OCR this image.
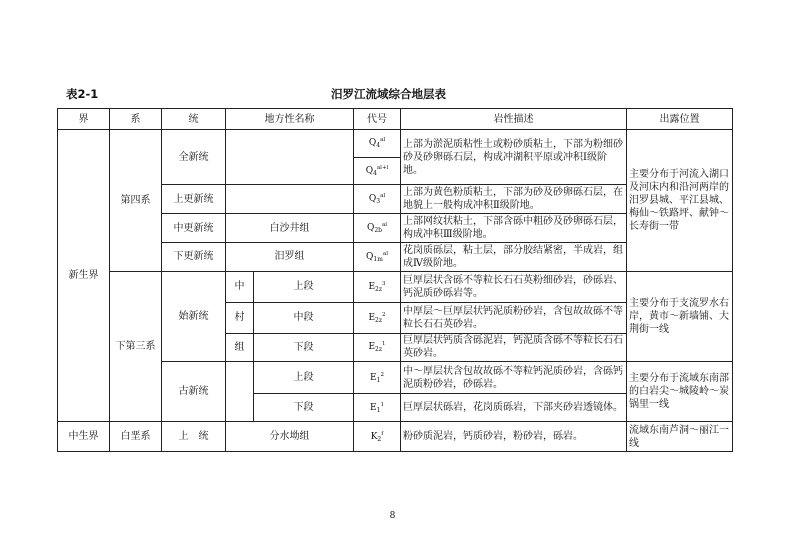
表2-1	汨罗江流域综合地层表
界	系	统	地方性名称		代号	岩性描述	出露位置
新生界	第四系	全新统			$Q_4^{al}$	上部为淤泥质粘性土或粉砂质粘土，下部为粉细砂砂及砂卵砾石层，构成冲湖积平原或冲积Ⅰ级阶地。	主要分布于河流入湖口及河床内和沿河两岸的汨罗县城、平江县城、梅仙～铁路坪、献钟～长寿街一带
					$Q_4^{al+l}$
		上更新统			$Q_3^{al}$	上部为黄色粉质粘土，下部为砂及砂卵砾石层，在地貌上一般构成冲积Ⅱ级阶地。	
		中更新统	白沙井组		$Q_{2b}^{al}$	上部网纹状粘土，下部含砾中粗砂及砂卵砾石层，构成冲积Ⅲ级阶地。	
		下更新统	汨罗组		$Q_{1m}^{al}$	花岗质砾层，粘土层，部分胶结紧密，半成岩，组成Ⅳ级阶地。	
	下第三系	始新统	中	上段	$E_{2z}^3$	巨厚层状含砾不等粒长石石英粉细砂岩，砂砾岩、钙泥质砂砾岩等。	主要分布于支流罗水右岸，黄市～新墙铺、大荆街一线
			村	中段	$E_{2z}^2$	中厚层～巨厚层状钙泥质粉砂岩，含包故故砾不等粒长石石英砂岩。	
			组	下段	$E_{2z}^1$	巨厚层状钙质含砾泥岩，钙泥质含砾不等粒长石石英砂岩。	
		古新统		上段	$E_1^2$	中～厚层状含包故故砾不等粒钙泥质砂岩，含砾钙泥质粉砂岩，砂砾岩。	主要分布于流域东南部的白岩尖～城陵岭～炭锅里一线
				下段	$E_1^1$	巨厚层状砾岩，花岗质砾岩，下部夹砂岩透镜体。	
中生界	白垩系	上　统	分水坳组		$K_2^f$	粉砂质泥岩，钙质砂岩，粉砂岩，砾岩。	流域东南芦洞～丽江一线
8
